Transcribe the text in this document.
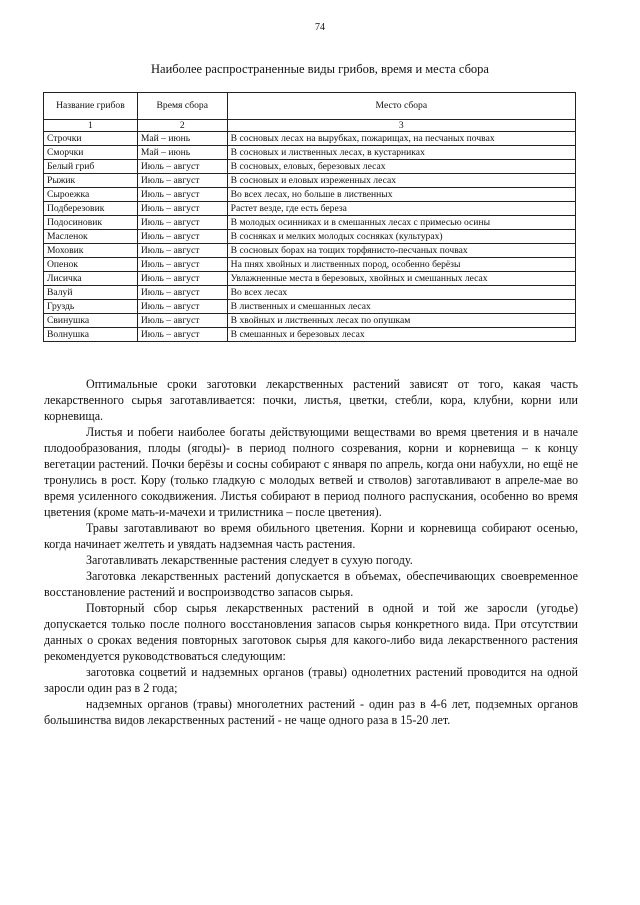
74
Наиболее распространенные виды грибов, время и места сбора
Название грибов	Время сбора	Место сбора
1	2	3
Строчки	Май – июнь	В сосновых лесах на вырубках, пожарищах, на песчаных почвах
Сморчки	Май – июнь	В сосновых и лиственных лесах, в кустарниках
Белый гриб	Июль – август	В сосновых, еловых, березовых лесах
Рыжик	Июль – август	В сосновых и еловых изреженных лесах
Сыроежка	Июль – август	Во всех лесах, но больше в лиственных
Подберезовик	Июль – август	Растет везде, где есть береза
Подосиновик	Июль – август	В молодых осинниках и в смешанных лесах с примесью осины
Масленок	Июль – август	В сосняках и мелких молодых сосняках (культурах)
Моховик	Июль – август	В сосновых борах на тощих торфянисто-песчаных почвах
Опенок	Июль – август	На пнях хвойных и лиственных пород, особенно берёзы
Лисичка	Июль – август	Увлажненные места в березовых, хвойных и смешанных лесах
Валуй	Июль – август	Во всех лесах
Груздь	Июль – август	В лиственных и смешанных лесах
Свинушка	Июль – август	В хвойных и лиственных лесах по опушкам
Волнушка	Июль – август	В смешанных и березовых лесах

Оптимальные сроки заготовки лекарственных растений зависят от того, какая часть лекарственного сырья заготавливается: почки, листья, цветки, стебли, кора, клубни, корни или корневища.

Листья и побеги наиболее богаты действующими веществами во время цветения и в начале плодообразования, плоды (ягоды)- в период полного созревания, корни и корневища – к концу вегетации растений. Почки берёзы и сосны собирают с января по апрель, когда они набухли, но ещё не тронулись в рост. Кору (только гладкую с молодых ветвей и стволов) заготавливают в апреле-мае во время усиленного сокодвижения. Листья собирают в период полного распускания, особенно во время цветения (кроме мать-и-мачехи и трилистника – после цветения).

Травы заготавливают во время обильного цветения. Корни и корневища собирают осенью, когда начинает желтеть и увядать надземная часть растения.

Заготавливать лекарственные растения следует в сухую погоду.

Заготовка лекарственных растений допускается в объемах, обеспечивающих своевременное восстановление растений и воспроизводство запасов сырья.

Повторный сбор сырья лекарственных растений в одной и той же заросли (угодье) допускается только после полного восстановления запасов сырья конкретного вида. При отсутствии данных о сроках ведения повторных заготовок сырья для какого-либо вида лекарственного растения рекомендуется руководствоваться следующим:

заготовка соцветий и надземных органов (травы) однолетних растений проводится на одной заросли один раз в 2 года;

надземных органов (травы) многолетних растений - один раз в 4-6 лет, подземных органов большинства видов лекарственных растений - не чаще одного раза в 15-20 лет.
